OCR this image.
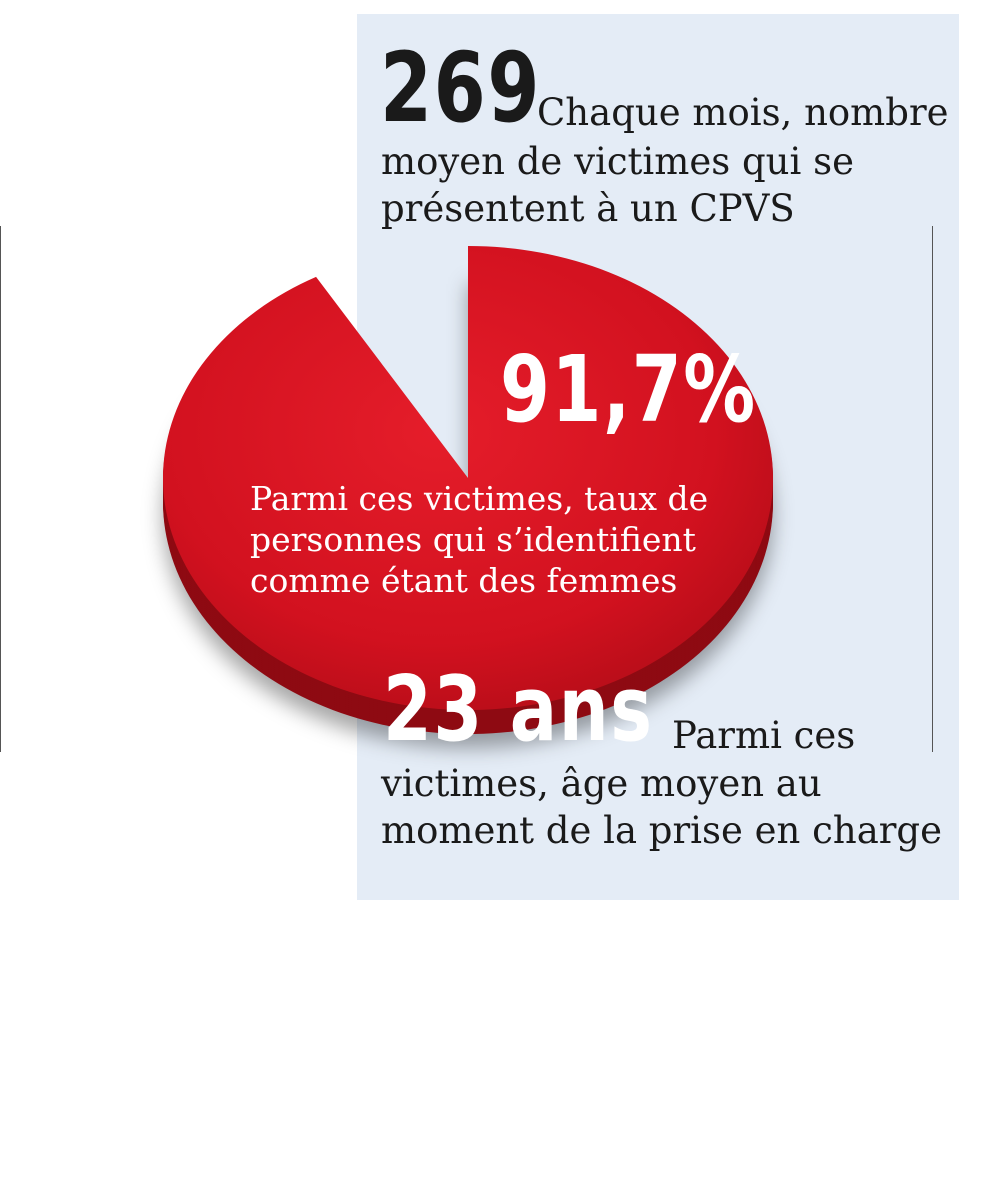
269
Chaque mois, nombre
moyen de victimes qui se présentent à un CPVS
91,7%
Parmi ces victimes, taux de personnes qui s’identifient comme étant des femmes
23 ans Parmi ces
victimes, âge moyen au moment de la prise en charge
